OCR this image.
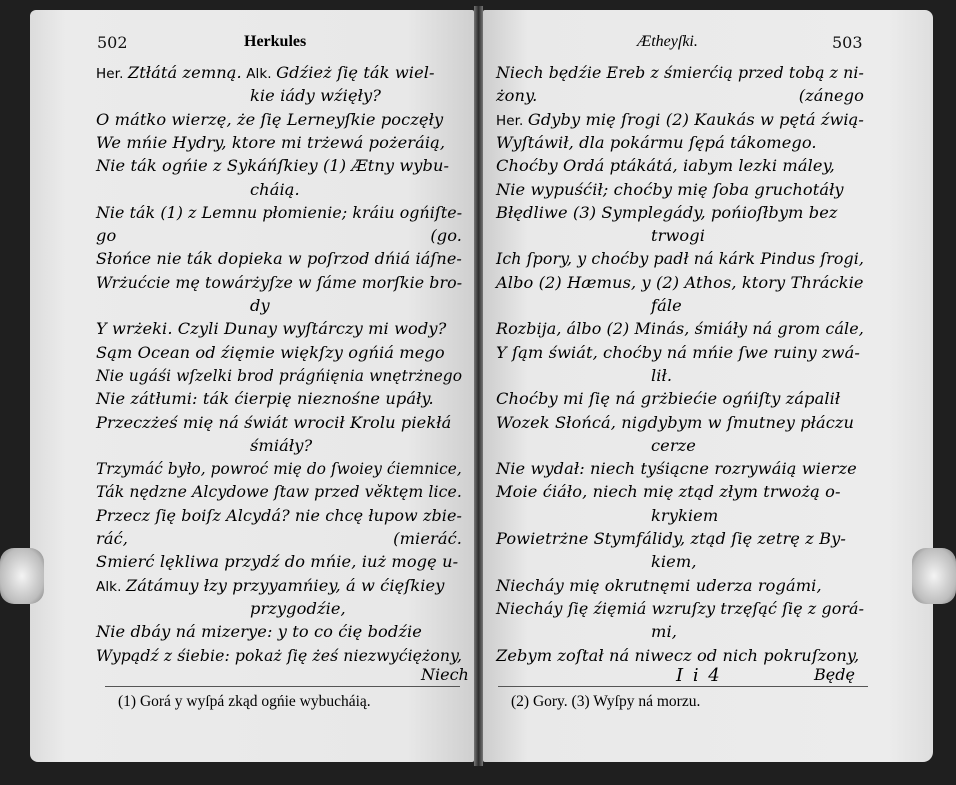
502	Herkules	Ætheyſki.	503
Her. Ztłátá zemną. Alk. Gdźież ſię ták wiel-
kie iády wźięły?
O mátko wierzę, że ſię Lerneyſkie poczęły
We mńie Hydry, ktore mi trżewá pożeráią,
Nie ták ogńie z Sykáńſkiey (1) Ætny wybu-
cháią.
Nie ták (1) z Lemnu płomienie; kráiu ogńiſte-
go	(go.
Słońce nie ták dopieka w poſrzod dńiá iáſne-
Wrżućcie mę towárżyſze w ſáme morſkie bro-
dy
Y wrżeki. Czyli Dunay wyſtárczy mi wody?
Sąm Ocean od źięmie więkſzy ogńiá mego
Nie ugáśi wſzelki brod prágńięnia wnętrżnego
Nie zátłumi: ták ćierpię nieznośne upáły.
Przeczżeś mię ná świát wrocił Krolu piekłá
śmiáły?
Trzymáć było, powroć mię do ſwoiey ćiemnice,
Ták nędzne Alcydowe ſtaw przed věktęm lice.
Przecz ſię boiſz Alcydá? nie chcę łupow zbie-
ráć,	(mieráć.
Smierć lękliwa przydź do mńie, iuż mogę u-
Alk. Zátámuy łzy przyyamńiey, á w ćięſkiey
przygodźie,
Nie dbáy ná mizerye: y to co ćię bodźie
Wypądź z śiebie: pokaż ſię żeś niezwyćiężony,
Niech będźie Ereb z śmierćią przed tobą z ni-
żony.	(zánego
Her. Gdyby mię ſrogi (2) Kaukás w pętá źwią-
Wyſtáwił, dla pokármu ſępá tákomego.
Choćby Ordá ptákátá, iabym lezki máley,
Nie wypuśćił; choćby mię ſoba gruchotáły
Błędliwe (3) Symplegády, pońioſłbym bez
trwogi
Ich ſpory, y choćby padł ná kárk Pindus ſrogi,
Albo (2) Hæmus, y (2) Athos, ktory Thráckie
fále
Rozbija, álbo (2) Minás, śmiáły ná grom cále,
Y ſąm świát, choćby ná mńie ſwe ruiny zwá-
lił.
Choćby mi ſię ná grżbiećie ogńiſty zápalił
Wozek Słońcá, nigdybym w ſmutney płáczu
cerze
Nie wydał: niech tyśiącne rozrywáią wierze
Moie ćiáło, niech mię ztąd złym trwożą o-
krykiem
Powietrżne Stymfálidy, ztąd ſię zetrę z By-
kiem,
Niecháy mię okrutnęmi uderza rogámi,
Niecháy ſię źięmiá wzruſzy trzęſąć ſię z gorá-
mi,
Zebym zoſtał ná niwecz od nich pokruſzony,
Niech
(1) Gorá y wyſpá zkąd ogńie wybucháią.
I i 4	Będę
(2) Gory. (3) Wyſpy ná morzu.
